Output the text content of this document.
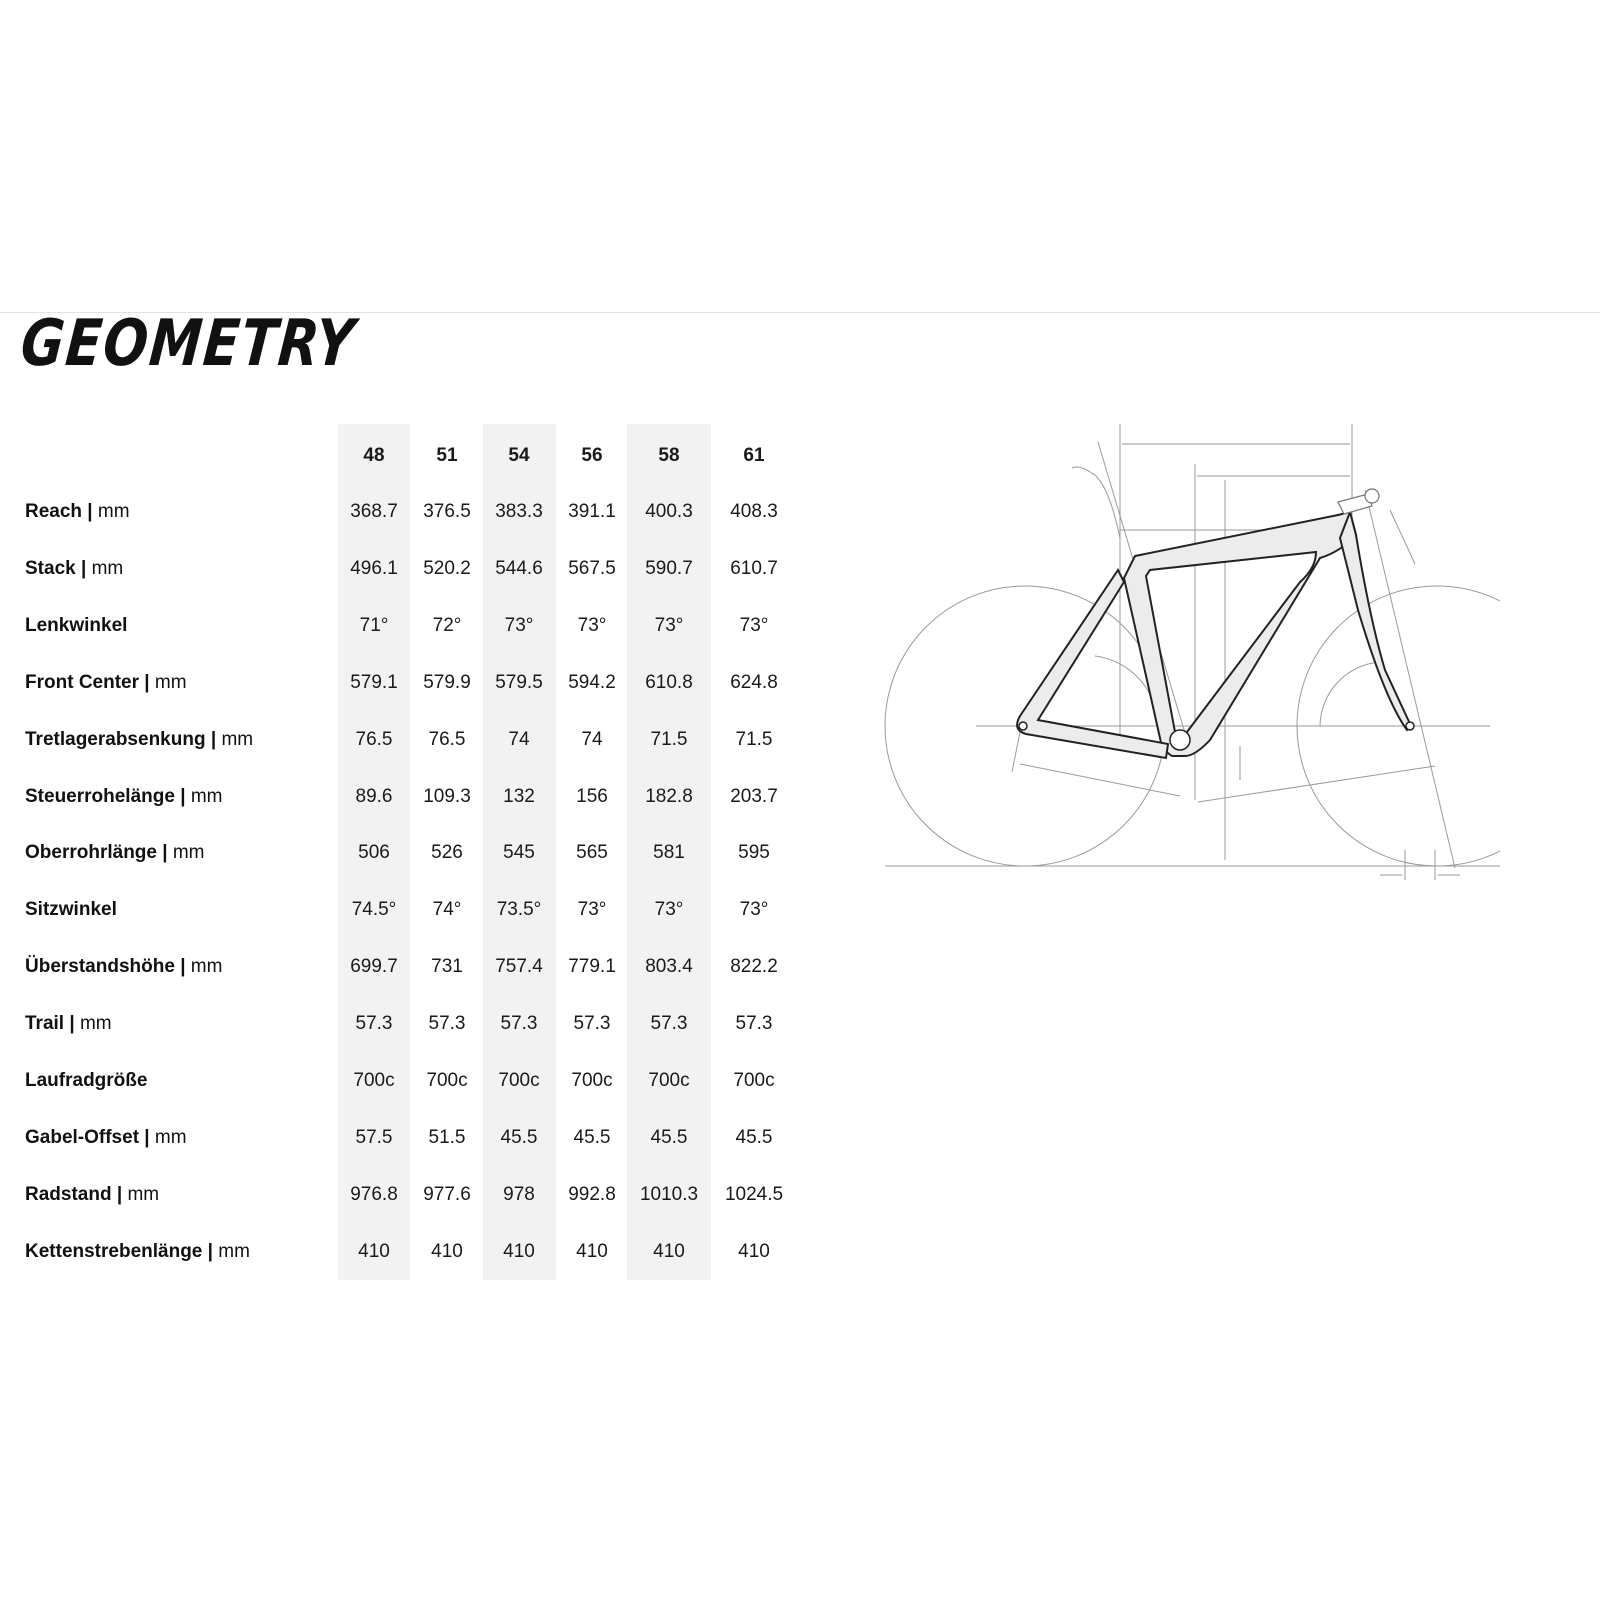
GEOMETRY
48	51	54	56	58	61
Reach | mm	368.7	376.5	383.3	391.1	400.3	408.3
Stack | mm	496.1	520.2	544.6	567.5	590.7	610.7
Lenkwinkel	71°	72°	73°	73°	73°	73°
Front Center | mm	579.1	579.9	579.5	594.2	610.8	624.8
Tretlagerabsenkung | mm	76.5	76.5	74	74	71.5	71.5
Steuerrohelänge | mm	89.6	109.3	132	156	182.8	203.7
Oberrohrlänge | mm	506	526	545	565	581	595
Sitzwinkel	74.5°	74°	73.5°	73°	73°	73°
Überstandshöhe | mm	699.7	731	757.4	779.1	803.4	822.2
Trail | mm	57.3	57.3	57.3	57.3	57.3	57.3
Laufradgröße	700c	700c	700c	700c	700c	700c
Gabel-Offset | mm	57.5	51.5	45.5	45.5	45.5	45.5
Radstand | mm	976.8	977.6	978	992.8	1010.3	1024.5
Kettenstrebenlänge | mm	410	410	410	410	410	410
